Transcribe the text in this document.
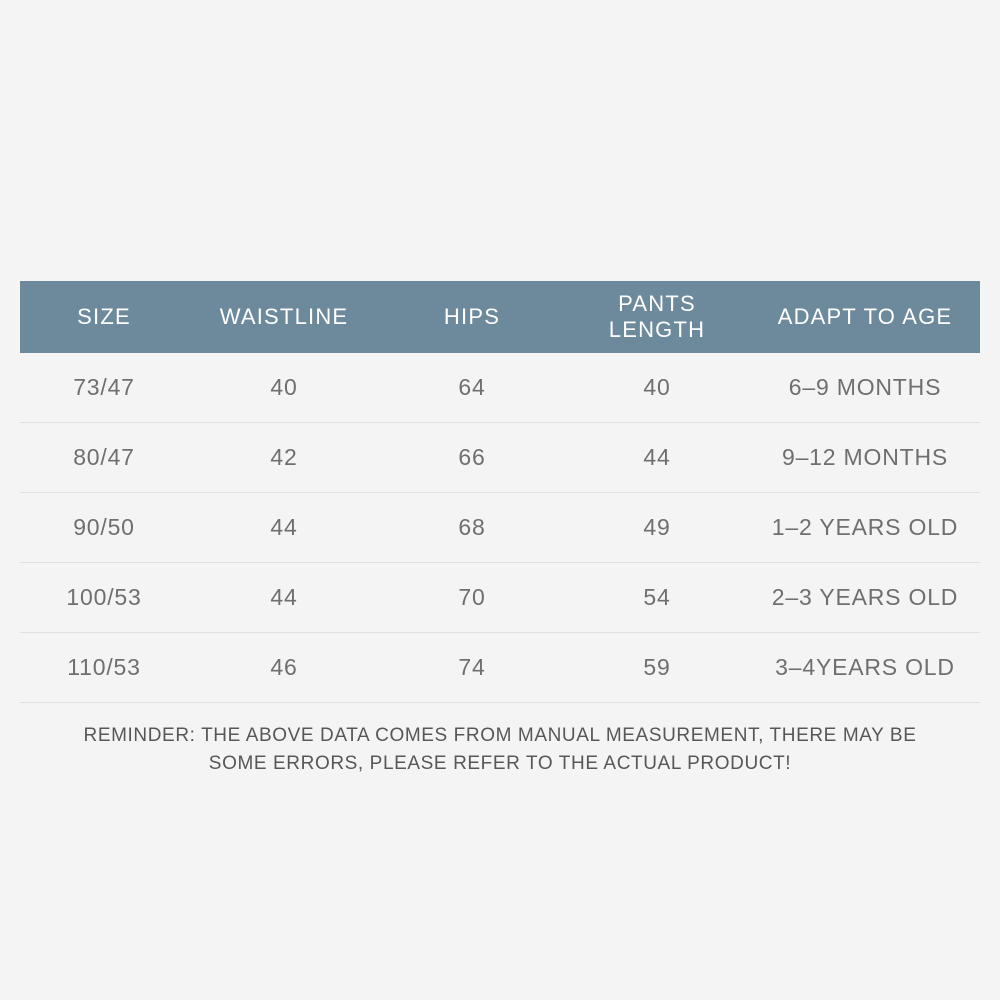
SIZE	WAISTLINE	HIPS	PANTS LENGTH	ADAPT TO AGE
73/47	40	64	40	6–9 MONTHS
80/47	42	66	44	9–12 MONTHS
90/50	44	68	49	1–2 YEARS OLD
100/53	44	70	54	2–3 YEARS OLD
110/53	46	74	59	3–4YEARS OLD
REMINDER: THE ABOVE DATA COMES FROM MANUAL MEASUREMENT, THERE MAY BE
SOME ERRORS, PLEASE REFER TO THE ACTUAL PRODUCT!
